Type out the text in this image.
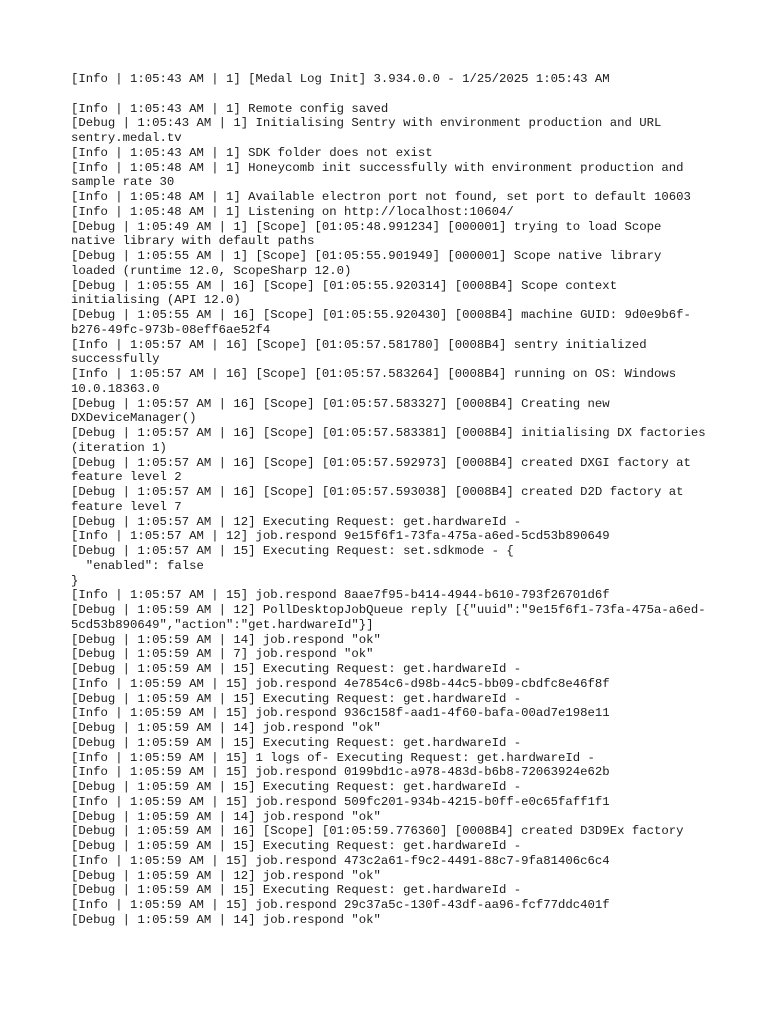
[Info | 1:05:43 AM | 1] [Medal Log Init] 3.934.0.0 - 1/25/2025 1:05:43 AM
[Info | 1:05:43 AM | 1] Remote config saved
[Debug | 1:05:43 AM | 1] Initialising Sentry with environment production and URL sentry.medal.tv
[Info | 1:05:43 AM | 1] SDK folder does not exist
[Info | 1:05:48 AM | 1] Honeycomb init successfully with environment production and sample rate 30
[Info | 1:05:48 AM | 1] Available electron port not found, set port to default 10603
[Info | 1:05:48 AM | 1] Listening on http://localhost:10604/
[Debug | 1:05:49 AM | 1] [Scope] [01:05:48.991234] [000001] trying to load Scope native library with default paths
[Debug | 1:05:55 AM | 1] [Scope] [01:05:55.901949] [000001] Scope native library loaded (runtime 12.0, ScopeSharp 12.0)
[Debug | 1:05:55 AM | 16] [Scope] [01:05:55.920314] [0008B4] Scope context initialising (API 12.0)
[Debug | 1:05:55 AM | 16] [Scope] [01:05:55.920430] [0008B4] machine GUID: 9d0e9b6f-b276-49fc-973b-08eff6ae52f4
[Info | 1:05:57 AM | 16] [Scope] [01:05:57.581780] [0008B4] sentry initialized successfully
[Info | 1:05:57 AM | 16] [Scope] [01:05:57.583264] [0008B4] running on OS: Windows 10.0.18363.0
[Debug | 1:05:57 AM | 16] [Scope] [01:05:57.583327] [0008B4] Creating new DXDeviceManager()
[Debug | 1:05:57 AM | 16] [Scope] [01:05:57.583381] [0008B4] initialising DX factories (iteration 1)
[Debug | 1:05:57 AM | 16] [Scope] [01:05:57.592973] [0008B4] created DXGI factory at feature level 2
[Debug | 1:05:57 AM | 16] [Scope] [01:05:57.593038] [0008B4] created D2D factory at feature level 7
[Debug | 1:05:57 AM | 12] Executing Request: get.hardwareId -
[Info | 1:05:57 AM | 12] job.respond 9e15f6f1-73fa-475a-a6ed-5cd53b890649
[Debug | 1:05:57 AM | 15] Executing Request: set.sdkmode - {
"enabled": false
}
[Info | 1:05:57 AM | 15] job.respond 8aae7f95-b414-4944-b610-793f26701d6f
[Debug | 1:05:59 AM | 12] PollDesktopJobQueue reply [{"uuid":"9e15f6f1-73fa-475a-a6ed-5cd53b890649","action":"get.hardwareId"}]
[Debug | 1:05:59 AM | 14] job.respond "ok"
[Debug | 1:05:59 AM | 7] job.respond "ok"
[Debug | 1:05:59 AM | 15] Executing Request: get.hardwareId -
[Info | 1:05:59 AM | 15] job.respond 4e7854c6-d98b-44c5-bb09-cbdfc8e46f8f
[Debug | 1:05:59 AM | 15] Executing Request: get.hardwareId -
[Info | 1:05:59 AM | 15] job.respond 936c158f-aad1-4f60-bafa-00ad7e198e11
[Debug | 1:05:59 AM | 14] job.respond "ok"
[Debug | 1:05:59 AM | 15] Executing Request: get.hardwareId -
[Info | 1:05:59 AM | 15] 1 logs of- Executing Request: get.hardwareId -
[Info | 1:05:59 AM | 15] job.respond 0199bd1c-a978-483d-b6b8-72063924e62b
[Debug | 1:05:59 AM | 15] Executing Request: get.hardwareId -
[Info | 1:05:59 AM | 15] job.respond 509fc201-934b-4215-b0ff-e0c65faff1f1
[Debug | 1:05:59 AM | 14] job.respond "ok"
[Debug | 1:05:59 AM | 16] [Scope] [01:05:59.776360] [0008B4] created D3D9Ex factory
[Debug | 1:05:59 AM | 15] Executing Request: get.hardwareId -
[Info | 1:05:59 AM | 15] job.respond 473c2a61-f9c2-4491-88c7-9fa81406c6c4
[Debug | 1:05:59 AM | 12] job.respond "ok"
[Debug | 1:05:59 AM | 15] Executing Request: get.hardwareId -
[Info | 1:05:59 AM | 15] job.respond 29c37a5c-130f-43df-aa96-fcf77ddc401f
[Debug | 1:05:59 AM | 14] job.respond "ok"
